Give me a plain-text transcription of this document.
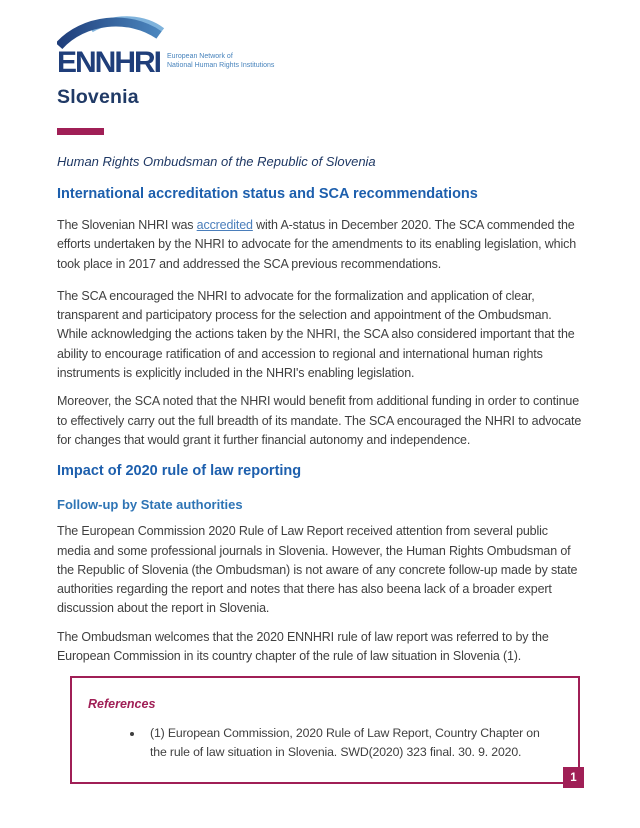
ENNHRI European Network of
National Human Rights Institutions
Slovenia

Human Rights Ombudsman of the Republic of Slovenia

International accreditation status and SCA recommendations

The Slovenian NHRI was accredited with A-status in December 2020. The SCA commended the efforts undertaken by the NHRI to advocate for the amendments to its enabling legislation, which took place in 2017 and addressed the SCA previous recommendations.

The SCA encouraged the NHRI to advocate for the formalization and application of clear, transparent and participatory process for the selection and appointment of the Ombudsman. While acknowledging the actions taken by the NHRI, the SCA also considered important that the ability to encourage ratification of and accession to regional and international human rights instruments is explicitly included in the NHRI's enabling legislation.

Moreover, the SCA noted that the NHRI would benefit from additional funding in order to continue to effectively carry out the full breadth of its mandate. The SCA encouraged the NHRI to advocate for changes that would grant it further financial autonomy and independence.

Impact of 2020 rule of law reporting
Follow-up by State authorities

The European Commission 2020 Rule of Law Report received attention from several public media and some professional journals in Slovenia. However, the Human Rights Ombudsman of the Republic of Slovenia (the Ombudsman) is not aware of any concrete follow-up made by state authorities regarding the report and notes that there has also beena lack of a broader expert discussion about the report in Slovenia.

The Ombudsman welcomes that the 2020 ENNHRI rule of law report was referred to by the European Commission in its country chapter of the rule of law situation in Slovenia (1).

References

• (1) European Commission, 2020 Rule of Law Report, Country Chapter on the rule of law situation in Slovenia. SWD(2020) 323 final. 30. 9. 2020.
1
